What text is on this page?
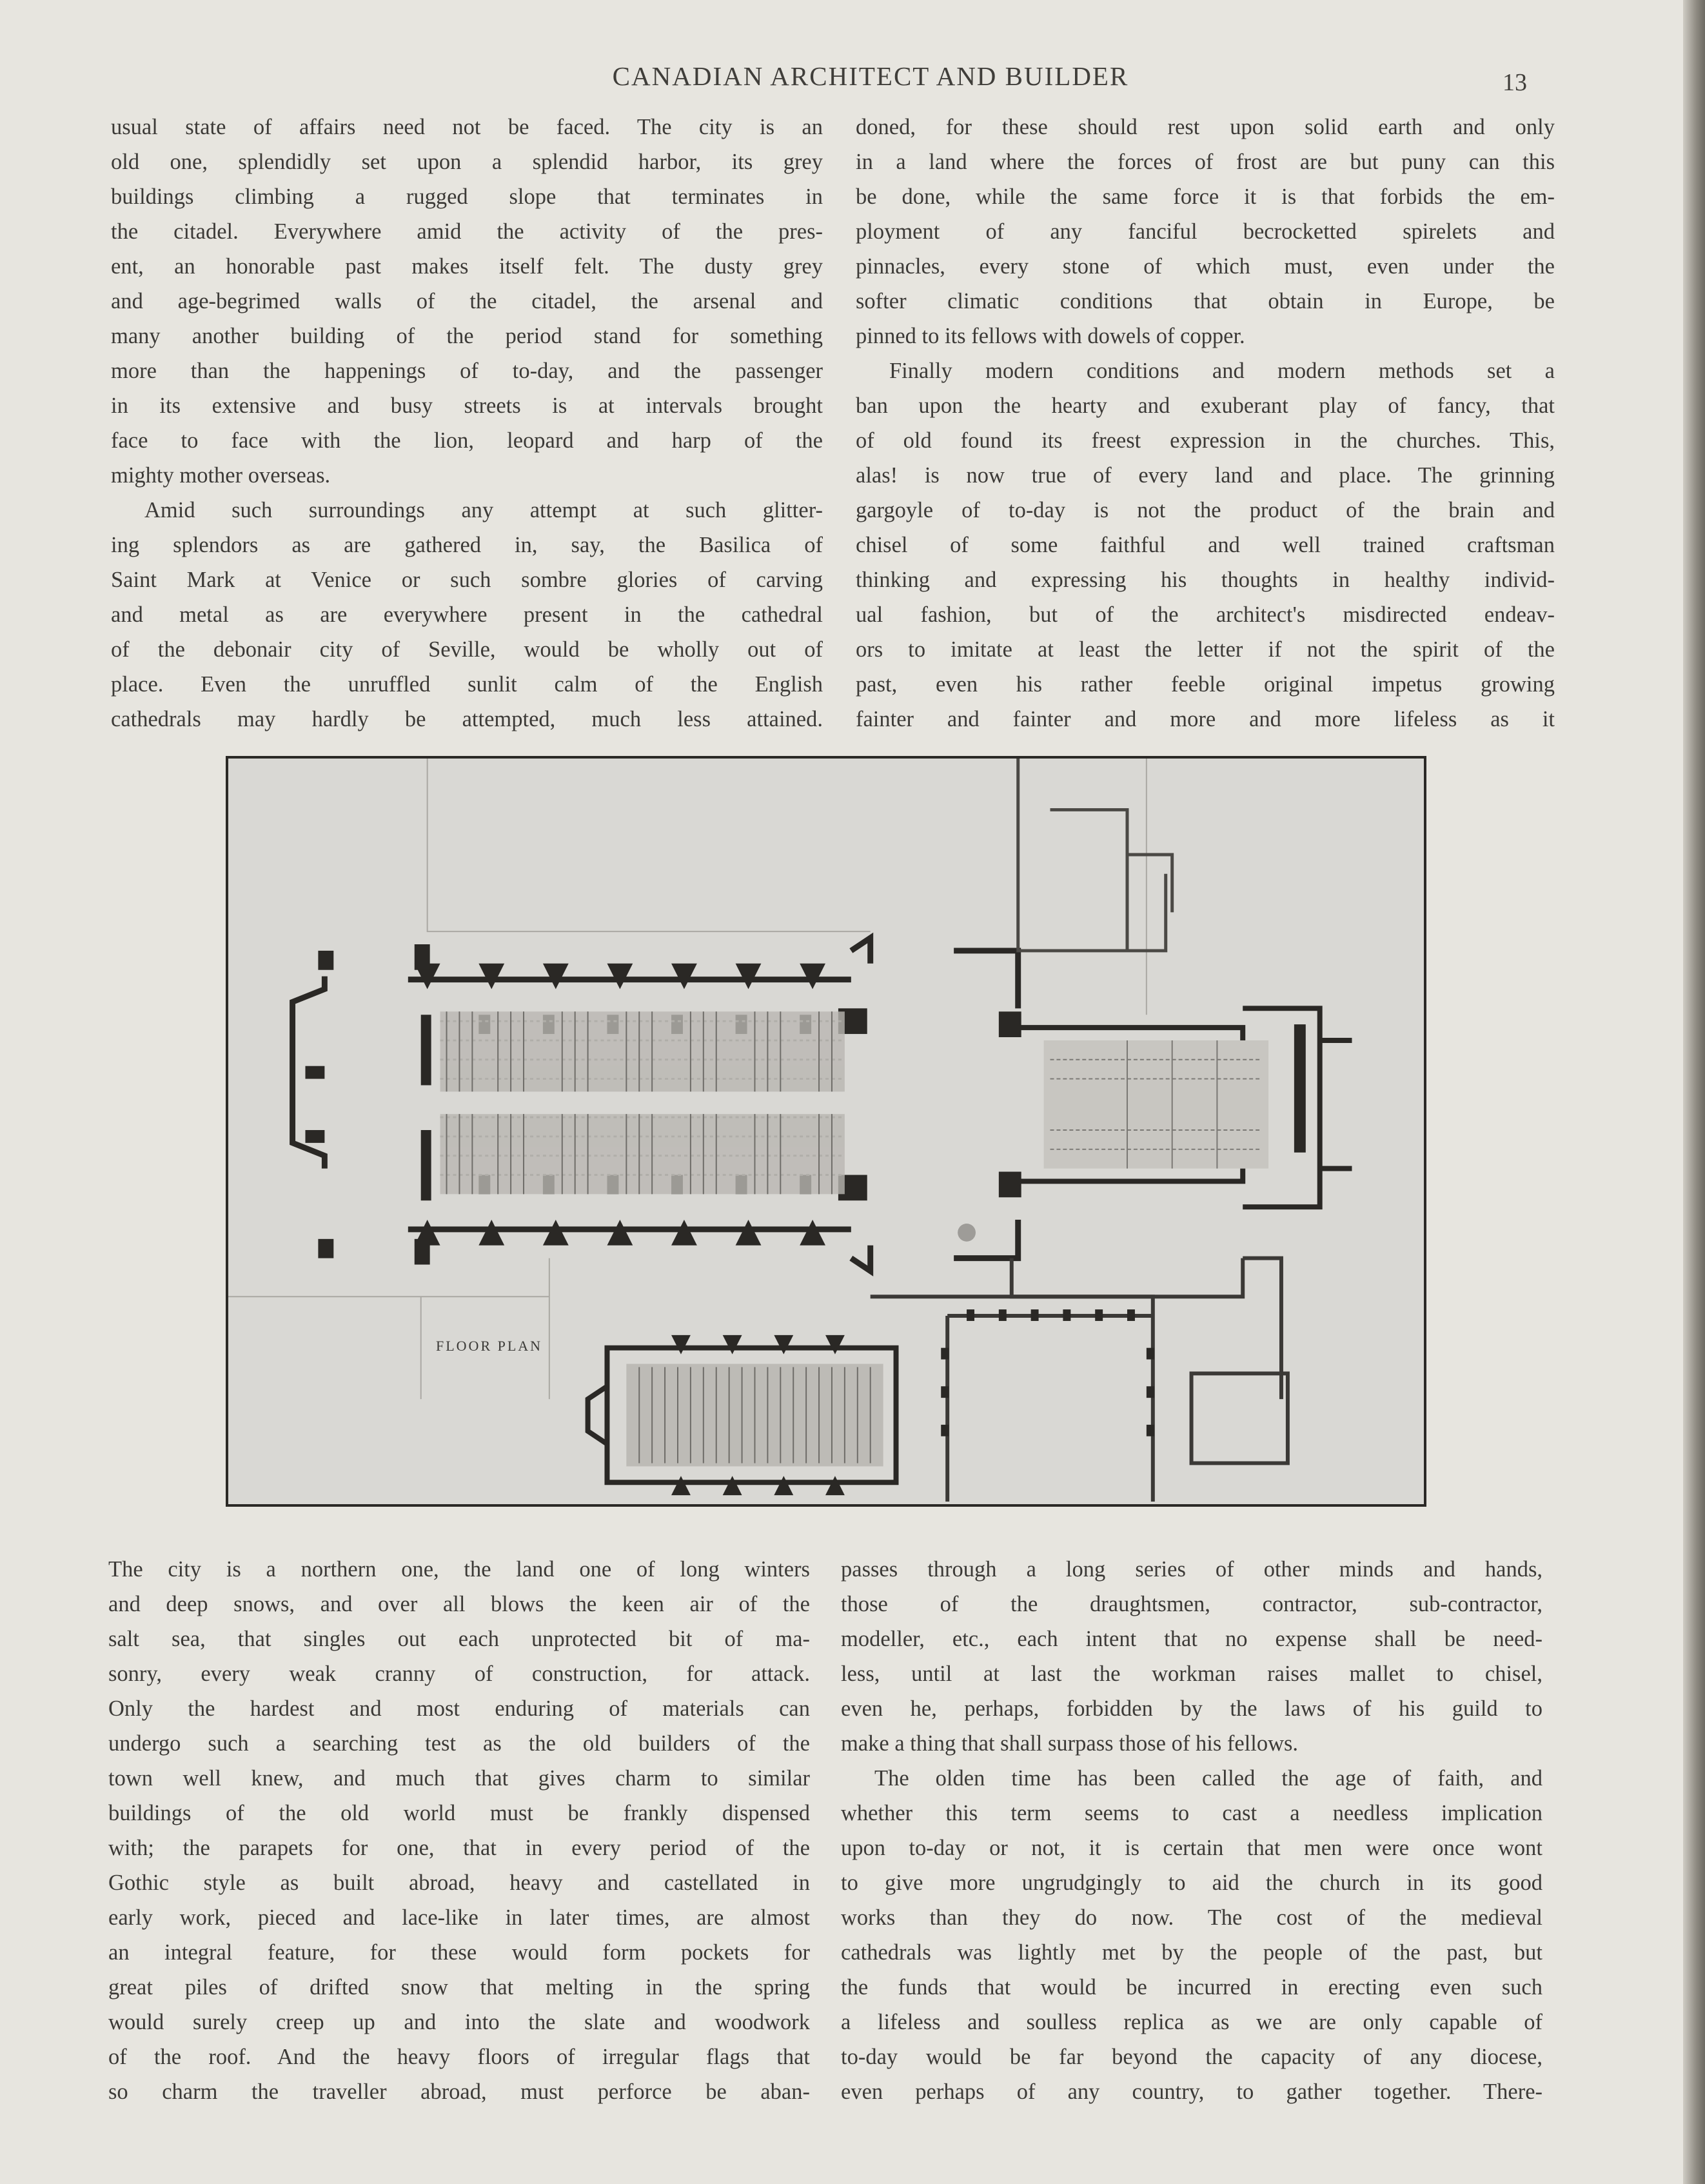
CANADIAN ARCHITECT AND BUILDER	13
usual state of affairs need not be faced. The city is an
old one, splendidly set upon a splendid harbor, its grey
buildings climbing a rugged slope that terminates in
the citadel. Everywhere amid the activity of the pres-
ent, an honorable past makes itself felt. The dusty grey
and age-begrimed walls of the citadel, the arsenal and
many another building of the period stand for something
more than the happenings of to-day, and the passenger
in its extensive and busy streets is at intervals brought
face to face with the lion, leopard and harp of the
mighty mother overseas.
Amid such surroundings any attempt at such glitter-
ing splendors as are gathered in, say, the Basilica of
Saint Mark at Venice or such sombre glories of carving
and metal as are everywhere present in the cathedral
of the debonair city of Seville, would be wholly out of
place. Even the unruffled sunlit calm of the English
cathedrals may hardly be attempted, much less attained.
doned, for these should rest upon solid earth and only
in a land where the forces of frost are but puny can this
be done, while the same force it is that forbids the em-
ployment of any fanciful becrocketted spirelets and
pinnacles, every stone of which must, even under the
softer climatic conditions that obtain in Europe, be
pinned to its fellows with dowels of copper.
Finally modern conditions and modern methods set a
ban upon the hearty and exuberant play of fancy, that
of old found its freest expression in the churches. This,
alas! is now true of every land and place. The grinning
gargoyle of to-day is not the product of the brain and
chisel of some faithful and well trained craftsman
thinking and expressing his thoughts in healthy individ-
ual fashion, but of the architect's misdirected endeav-
ors to imitate at least the letter if not the spirit of the
past, even his rather feeble original impetus growing
fainter and fainter and more and more lifeless as it
FLOOR PLAN
The city is a northern one, the land one of long winters
and deep snows, and over all blows the keen air of the
salt sea, that singles out each unprotected bit of ma-
sonry, every weak cranny of construction, for attack.
Only the hardest and most enduring of materials can
undergo such a searching test as the old builders of the
town well knew, and much that gives charm to similar
buildings of the old world must be frankly dispensed
with; the parapets for one, that in every period of the
Gothic style as built abroad, heavy and castellated in
early work, pieced and lace-like in later times, are almost
an integral feature, for these would form pockets for
great piles of drifted snow that melting in the spring
would surely creep up and into the slate and woodwork
of the roof. And the heavy floors of irregular flags that
so charm the traveller abroad, must perforce be aban-
passes through a long series of other minds and hands,
those of the draughtsmen, contractor, sub-contractor,
modeller, etc., each intent that no expense shall be need-
less, until at last the workman raises mallet to chisel,
even he, perhaps, forbidden by the laws of his guild to
make a thing that shall surpass those of his fellows.
The olden time has been called the age of faith, and
whether this term seems to cast a needless implication
upon to-day or not, it is certain that men were once wont
to give more ungrudgingly to aid the church in its good
works than they do now. The cost of the medieval
cathedrals was lightly met by the people of the past, but
the funds that would be incurred in erecting even such
a lifeless and soulless replica as we are only capable of
to-day would be far beyond the capacity of any diocese,
even perhaps of any country, to gather together. There-
